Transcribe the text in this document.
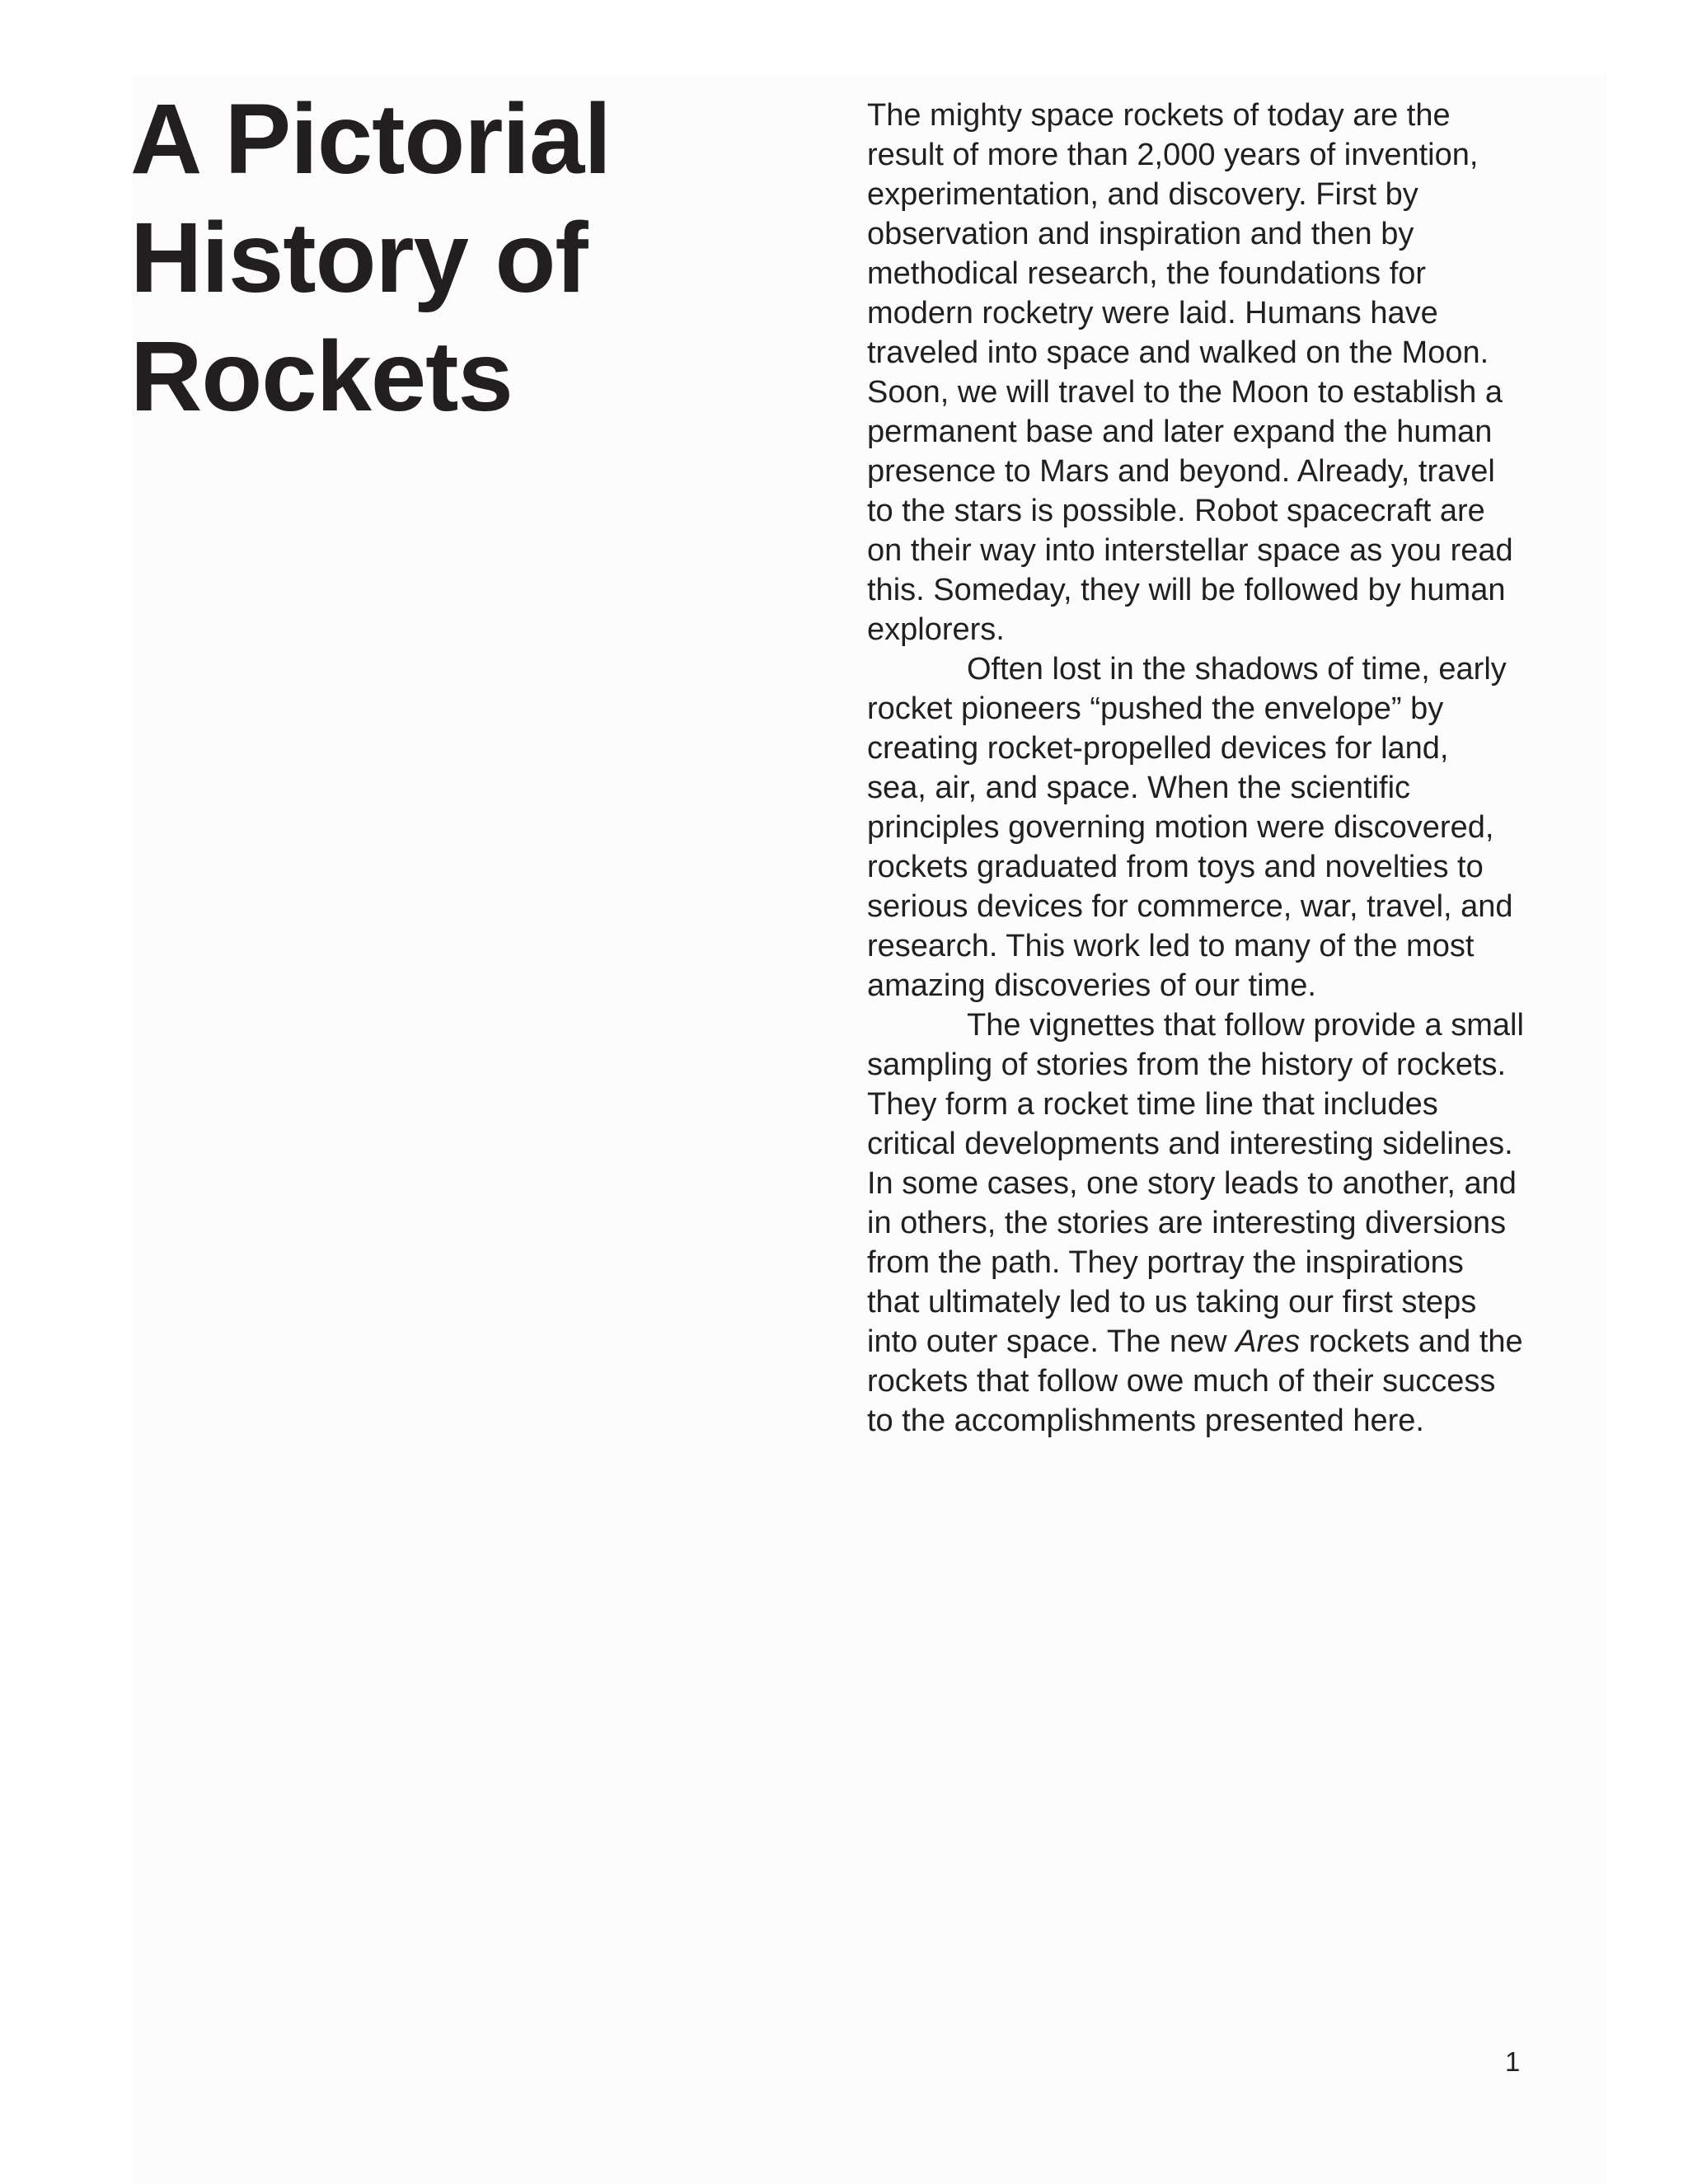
A Pictorial
History of
Rockets
The mighty space rockets of today are the
result of more than 2,000 years of invention,
experimentation, and discovery. First by
observation and inspiration and then by
methodical research, the foundations for
modern rocketry were laid. Humans have
traveled into space and walked on the Moon.
Soon, we will travel to the Moon to establish a
permanent base and later expand the human
presence to Mars and beyond. Already, travel
to the stars is possible. Robot spacecraft are
on their way into interstellar space as you read
this. Someday, they will be followed by human
explorers.
Often lost in the shadows of time, early
rocket pioneers “pushed the envelope” by
creating rocket-propelled devices for land,
sea, air, and space. When the scientific
principles governing motion were discovered,
rockets graduated from toys and novelties to
serious devices for commerce, war, travel, and
research. This work led to many of the most
amazing discoveries of our time.
The vignettes that follow provide a small
sampling of stories from the history of rockets.
They form a rocket time line that includes
critical developments and interesting sidelines.
In some cases, one story leads to another, and
in others, the stories are interesting diversions
from the path. They portray the inspirations
that ultimately led to us taking our first steps
into outer space. The new Ares rockets and the
rockets that follow owe much of their success
to the accomplishments presented here.
1
